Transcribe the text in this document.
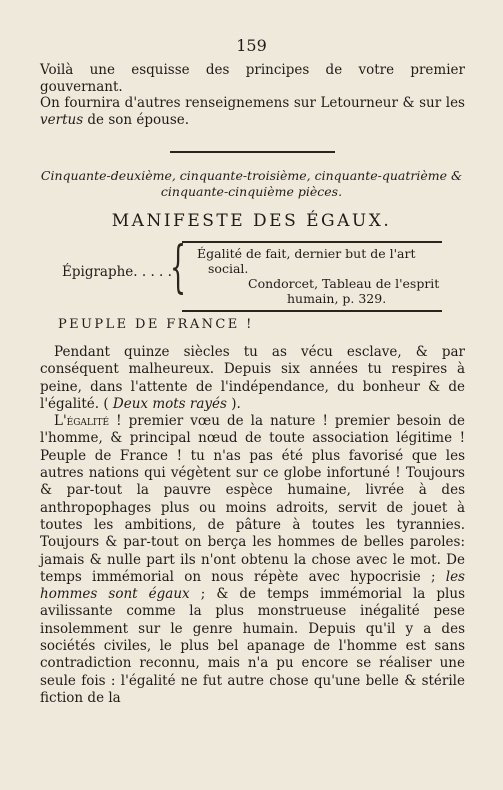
159
Voilà une esquisse des principes de votre premier gouvernant.
On fournira d'autres renseignemens sur Letourneur & sur les vertus de son épouse.
Cinquante-deuxième, cinquante-troisième, cinquante-quatrième & cinquante-cinquième pièces.
MANIFESTE DES ÉGAUX.
Épigraphe. . . . .
{ Égalité de fait, dernier but de l'art
social.
Condorcet, Tableau de l'esprit
humain, p. 329.
PEUPLE DE FRANCE !

Pendant quinze siècles tu as vécu esclave, & par conséquent malheureux. Depuis six années tu respires à peine, dans l'attente de l'indépendance, du bonheur & de l'égalité. ( Deux mots rayés ).

L'égalité ! premier vœu de la nature ! premier besoin de l'homme, & principal nœud de toute association légitime ! Peuple de France ! tu n'as pas été plus favorisé que les autres nations qui végètent sur ce globe infortuné ! Toujours & par-tout la pauvre espèce humaine, livrée à des anthropophages plus ou moins adroits, servit de jouet à toutes les ambitions, de pâture à toutes les tyrannies. Toujours & par-tout on berça les hommes de belles paroles: jamais & nulle part ils n'ont obtenu la chose avec le mot. De temps immémorial on nous répète avec hypocrisie ; les hommes sont égaux ; & de temps immémorial la plus avilissante comme la plus monstrueuse inégalité pese insolemment sur le genre humain. Depuis qu'il y a des sociétés civiles, le plus bel apanage de l'homme est sans contradiction reconnu, mais n'a pu encore se réaliser une seule fois : l'égalité ne fut autre chose qu'une belle & stérile fiction de la
